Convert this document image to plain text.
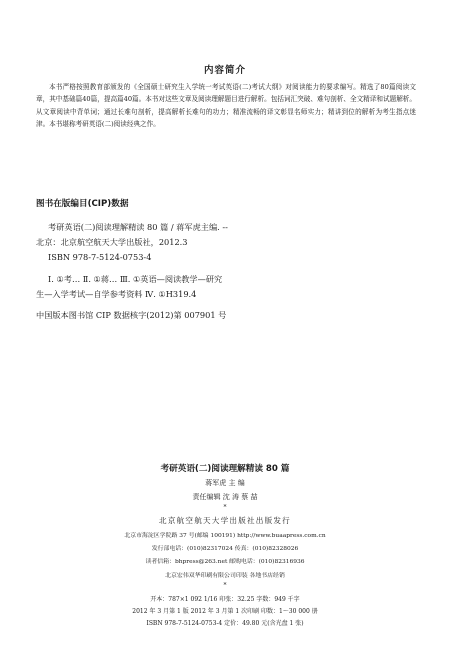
内容简介
本书严格按照教育部颁发的《全国硕士研究生入学统一考试英语(二)考试大纲》对阅读能力的要求编写。精选了80篇阅读文章，其中基础篇40篇，提高篇40篇。本书对这些文章及阅读理解题目进行解析。包括词汇突破、难句剖析、全文精译和试题解析。从文章阅读中背单词；通过长难句剖析，提高解析长难句的功力；精准流畅的译文彰显名师实力；精讲到位的解析为考生指点迷津。本书堪称考研英语(二)阅读经典之作。
图书在版编目(CIP)数据
考研英语(二)阅读理解精读 80 篇 / 蒋军虎主编. --
北京：北京航空航天大学出版社，2012.3
ISBN 978-7-5124-0753-4
Ⅰ. ①考… Ⅱ. ①蒋… Ⅲ. ①英语—阅读教学—研究
生—入学考试—自学参考资料 Ⅳ. ①H319.4
中国版本图书馆 CIP 数据核字(2012)第 007901 号
考研英语(二)阅读理解精读 80 篇
蒋军虎 主 编
责任编辑 沈 涛 蔡 喆
*
北京航空航天大学出版社出版发行
北京市海淀区学院路 37 号(邮编 100191) http://www.buaapress.com.cn
发行部电话：(010)82317024 传真：(010)82328026
读者信箱：bhpress@263.net 邮购电话：(010)82316936
北京宏伟双华印刷有限公司印装 各地书店经销
*
开本：787×1 092 1/16 印张：32.25 字数：949 千字
2012 年 3 月第 1 版 2012 年 3 月第 1 次印刷 印数：1～30 000 册
ISBN 978-7-5124-0753-4 定价：49.80 元(含光盘 1 张)
